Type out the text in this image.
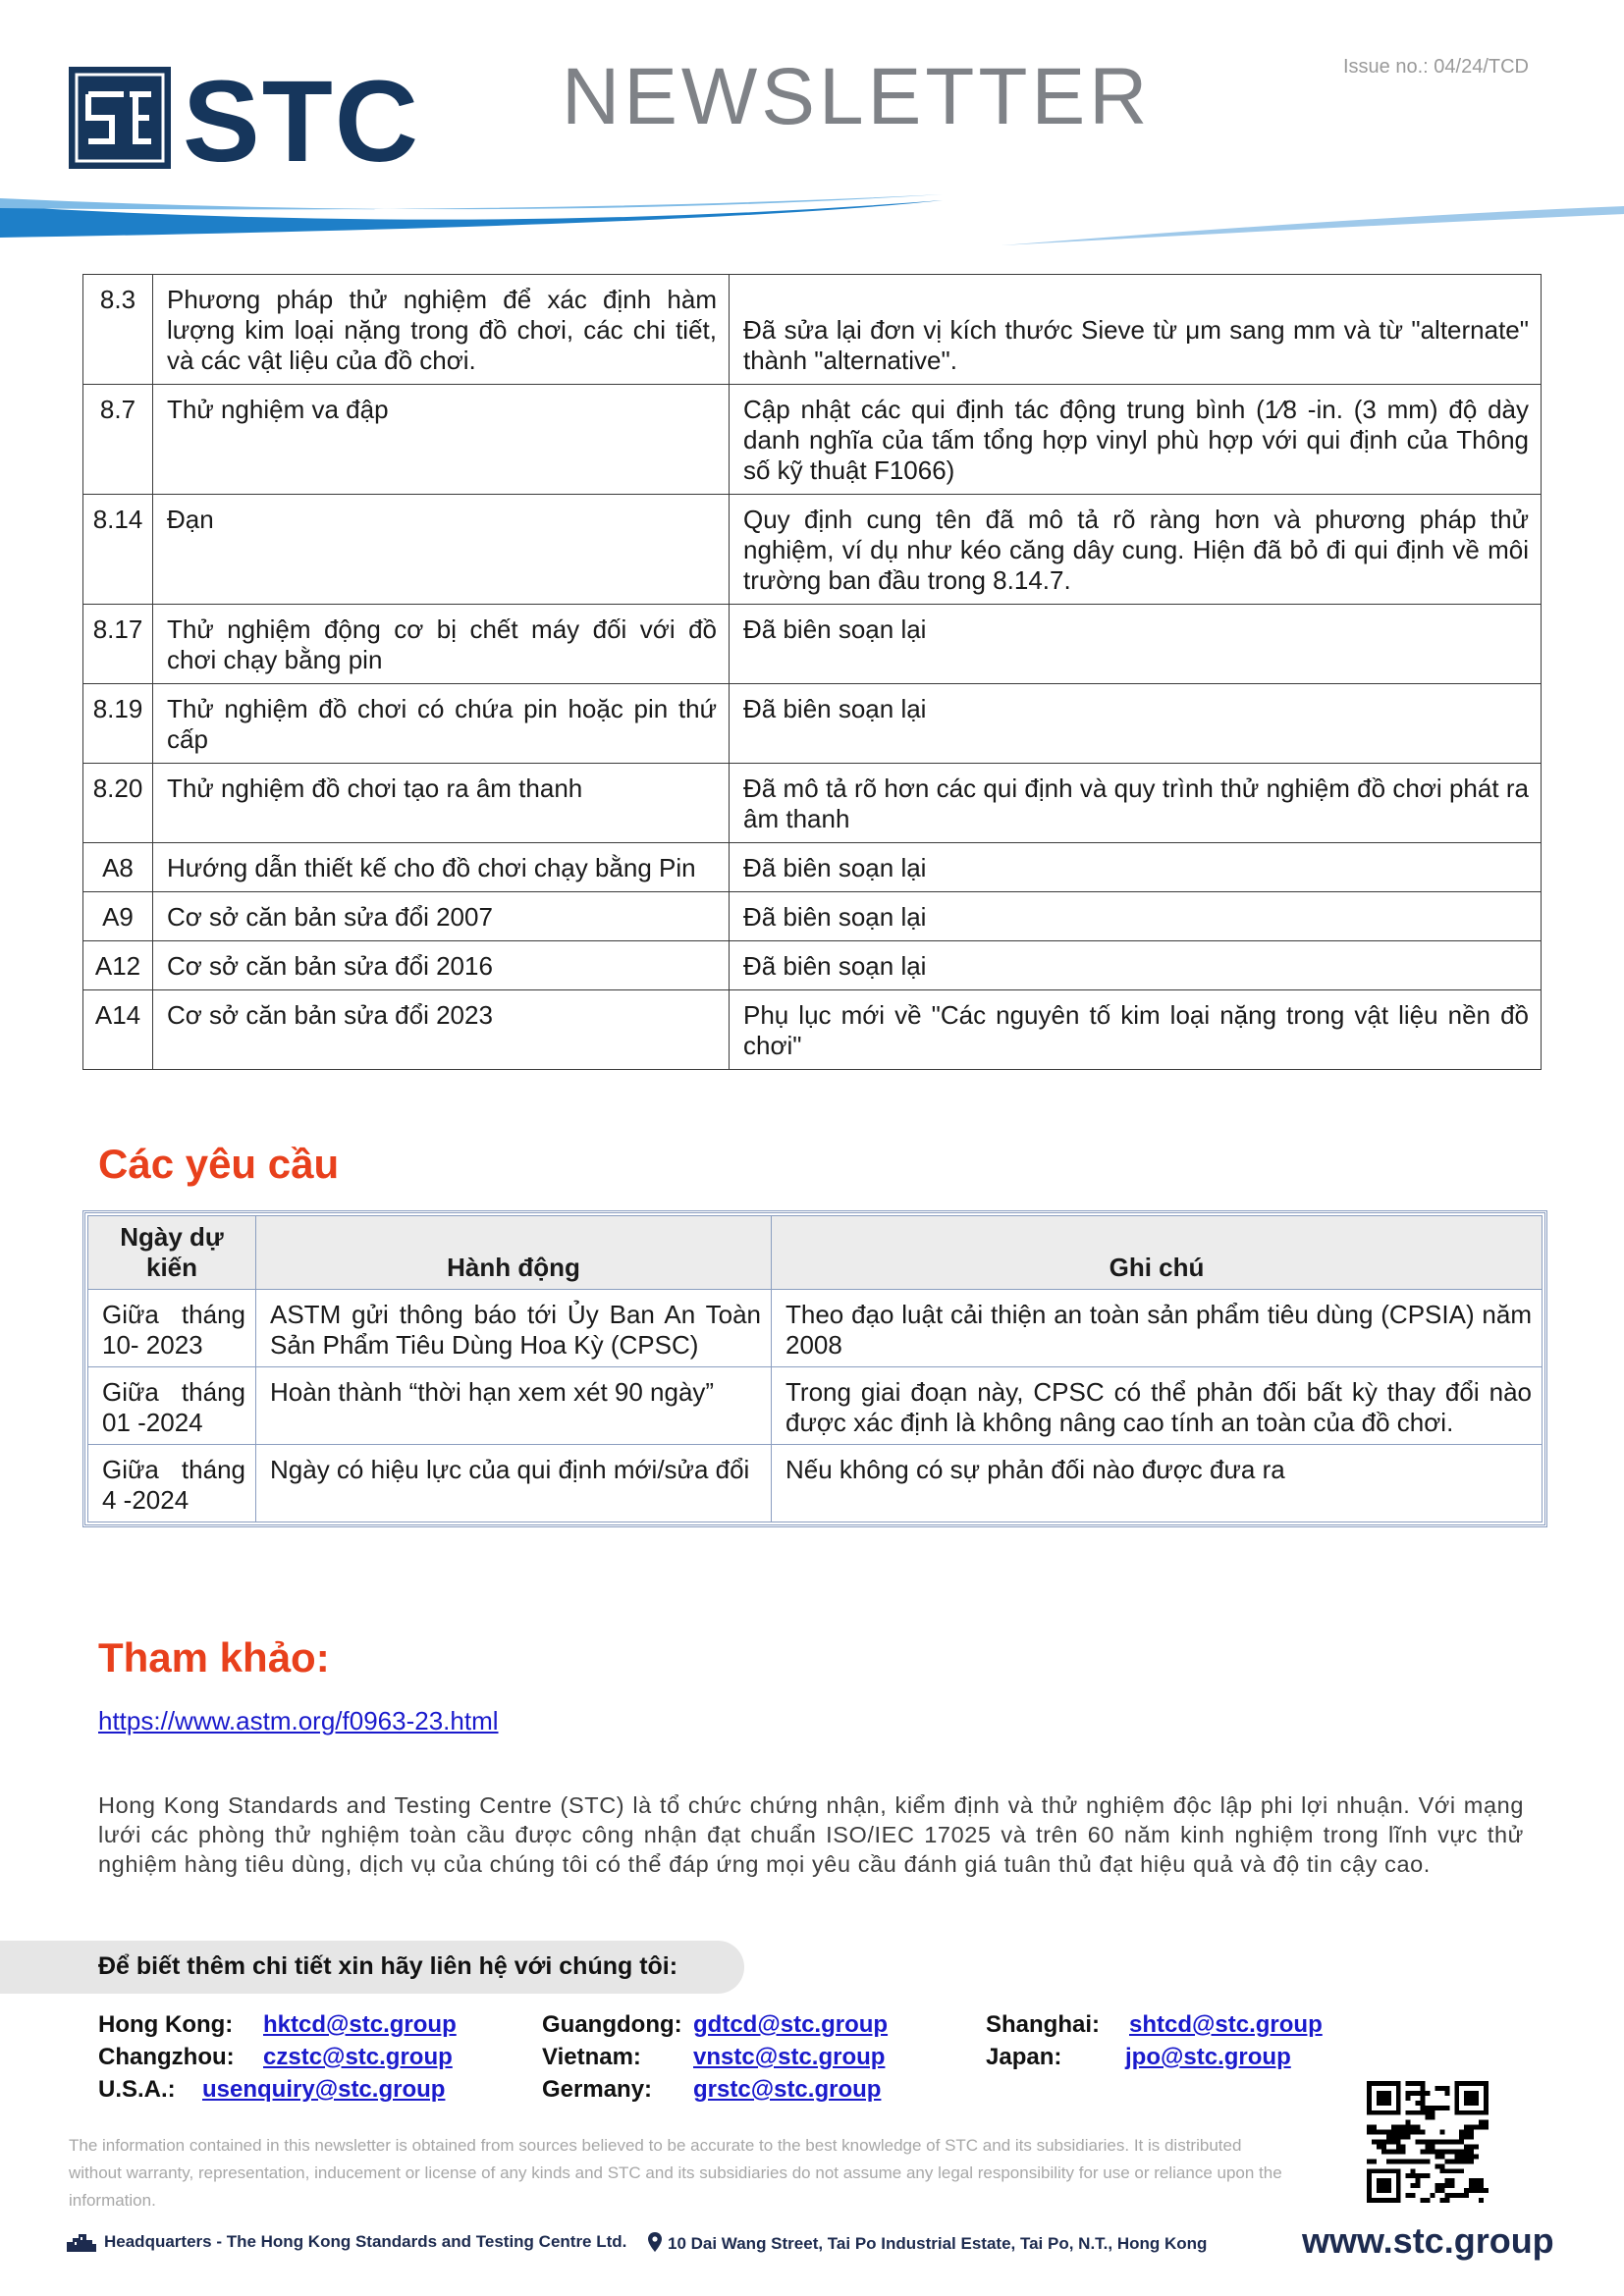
STC NEWSLETTER	Issue no.: 04/24/TCD
8.3	Phương pháp thử nghiệm để xác định hàm lượng kim loại nặng trong đồ chơi, các chi tiết, và các vật liệu của đồ chơi.	Đã sửa lại đơn vị kích thước Sieve từ μm sang mm và từ "alternate" thành "alternative".
8.7	Thử nghiệm va đập	Cập nhật các qui định tác động trung bình (1⁄8 -in. (3 mm) độ dày danh nghĩa của tấm tổng hợp vinyl phù hợp với qui định của Thông số kỹ thuật F1066)
8.14	Đạn	Quy định cung tên đã mô tả rõ ràng hơn và phương pháp thử nghiệm, ví dụ như kéo căng dây cung. Hiện đã bỏ đi qui định về môi trường ban đầu trong 8.14.7.
8.17	Thử nghiệm động cơ bị chết máy đối với đồ chơi chạy bằng pin	Đã biên soạn lại
8.19	Thử nghiệm đồ chơi có chứa pin hoặc pin thứ cấp	Đã biên soạn lại
8.20	Thử nghiệm đồ chơi tạo ra âm thanh	Đã mô tả rõ hơn các qui định và quy trình thử nghiệm đồ chơi phát ra âm thanh
A8	Hướng dẫn thiết kế cho đồ chơi chạy bằng Pin	Đã biên soạn lại
A9	Cơ sở căn bản sửa đổi 2007	Đã biên soạn lại
A12	Cơ sở căn bản sửa đổi 2016	Đã biên soạn lại
A14	Cơ sở căn bản sửa đổi 2023	Phụ lục mới về "Các nguyên tố kim loại nặng trong vật liệu nền đồ chơi"
Các yêu cầu
Ngày dự kiến	Hành động	Ghi chú
Giữa tháng 10- 2023	ASTM gửi thông báo tới Ủy Ban An Toàn Sản Phẩm Tiêu Dùng Hoa Kỳ (CPSC)	Theo đạo luật cải thiện an toàn sản phẩm tiêu dùng (CPSIA) năm 2008
Giữa tháng 01 -2024	Hoàn thành “thời hạn xem xét 90 ngày”	Trong giai đoạn này, CPSC có thể phản đối bất kỳ thay đổi nào được xác định là không nâng cao tính an toàn của đồ chơi.
Giữa tháng 4 -2024	Ngày có hiệu lực của qui định mới/sửa đổi	Nếu không có sự phản đối nào được đưa ra
Tham khảo:
https://www.astm.org/f0963-23.html
Hong Kong Standards and Testing Centre (STC) là tổ chức chứng nhận, kiểm định và thử nghiệm độc lập phi lợi nhuận. Với mạng lưới các phòng thử nghiệm toàn cầu được công nhận đạt chuẩn ISO/IEC 17025 và trên 60 năm kinh nghiệm trong lĩnh vực thử nghiệm hàng tiêu dùng, dịch vụ của chúng tôi có thể đáp ứng mọi yêu cầu đánh giá tuân thủ đạt hiệu quả và độ tin cậy cao.
Để biết thêm chi tiết xin hãy liên hệ với chúng tôi:
Hong Kong: hktcd@stc.group	Guangdong: gdtcd@stc.group	Shanghai: shtcd@stc.group
Changzhou: czstc@stc.group	Vietnam: vnstc@stc.group	Japan:	jpo@stc.group
U.S.A.: usenquiry@stc.group	Germany: grstc@stc.group
The information contained in this newsletter is obtained from sources believed to be accurate to the best knowledge of STC and its subsidiaries. It is distributed without warranty, representation, inducement or license of any kinds and STC and its subsidiaries do not assume any legal responsibility for use or reliance upon the information.
Headquarters - The Hong Kong Standards and Testing Centre Ltd.	10 Dai Wang Street, Tai Po Industrial Estate, Tai Po, N.T., Hong Kong	www.stc.group
